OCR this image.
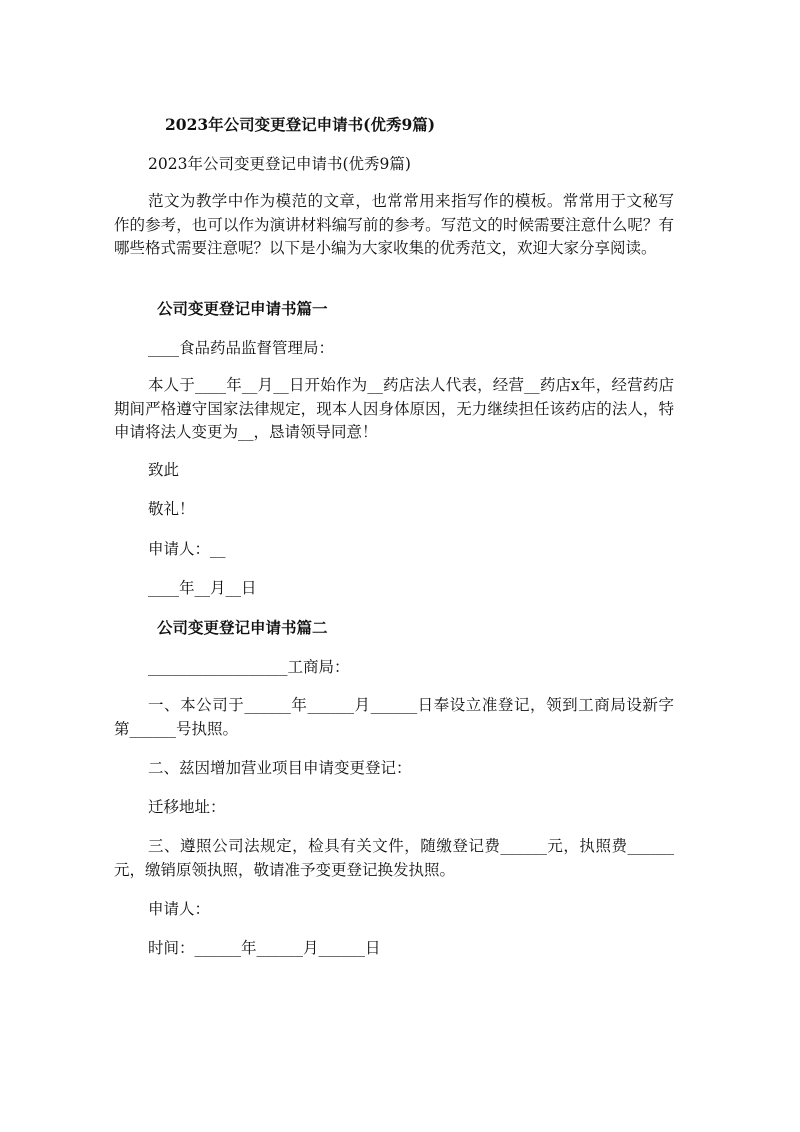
2023年公司变更登记申请书(优秀9篇)
2023年公司变更登记申请书(优秀9篇)
范文为教学中作为模范的文章，也常常用来指写作的模板。常常用于文秘写作的参考，也可以作为演讲材料编写前的参考。写范文的时候需要注意什么呢？有哪些格式需要注意呢？以下是小编为大家收集的优秀范文，欢迎大家分享阅读。
公司变更登记申请书篇一
____食品药品监督管理局：
本人于____年__月__日开始作为__药店法人代表，经营__药店x年，经营药店期间严格遵守国家法律规定，现本人因身体原因，无力继续担任该药店的法人，特申请将法人变更为__，恳请领导同意！
致此
敬礼！
申请人：__
____年__月__日
公司变更登记申请书篇二
__________________工商局：
一、本公司于______年______月______日奉设立准登记，领到工商局设新字第______号执照。
二、兹因增加营业项目申请变更登记：
迁移地址：
三、遵照公司法规定，检具有关文件，随缴登记费______元，执照费______元，缴销原领执照，敬请准予变更登记换发执照。
申请人：
时间：______年______月______日
